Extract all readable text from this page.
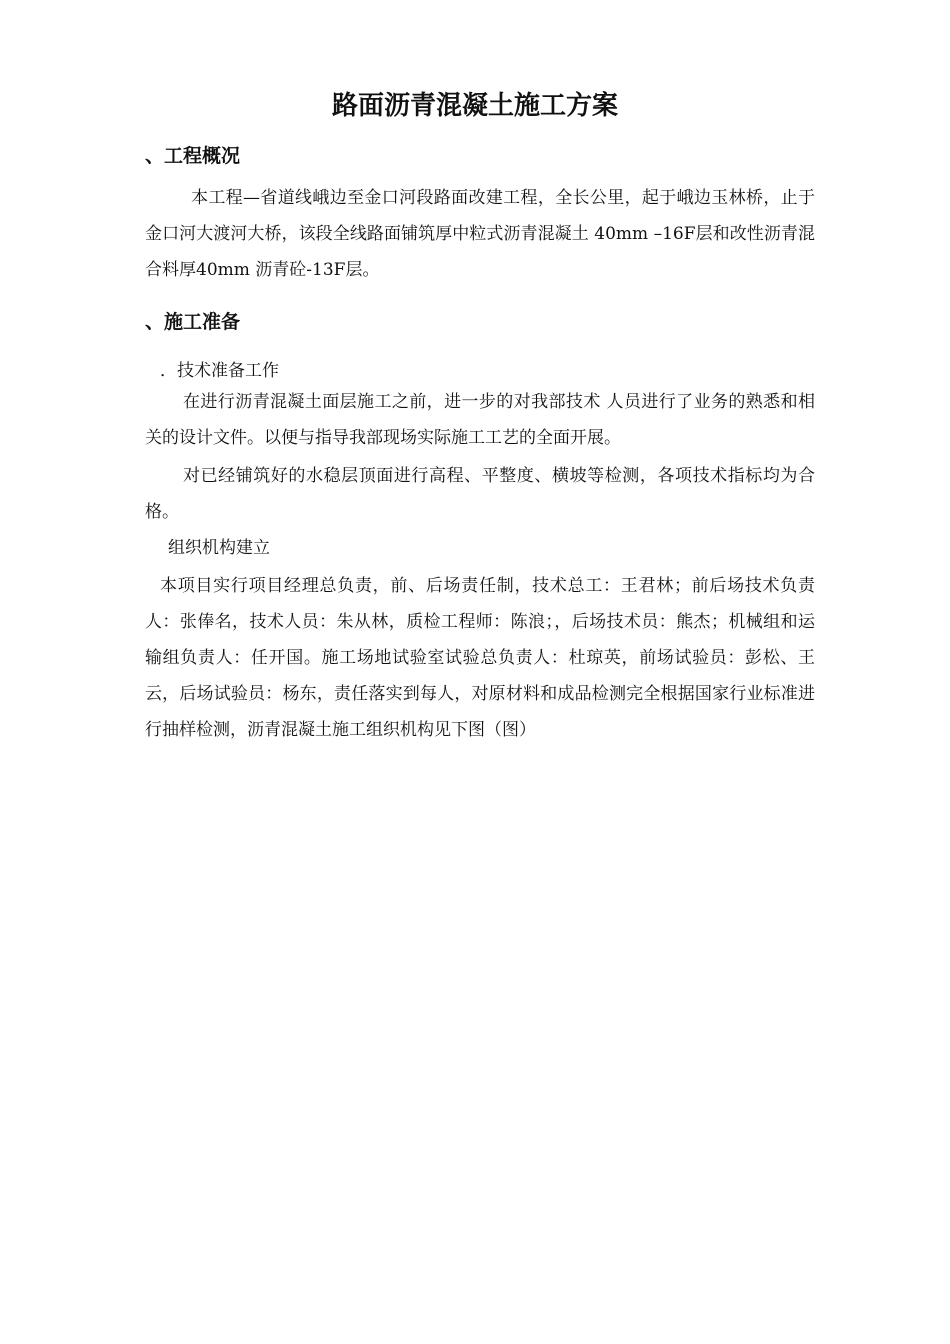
路面沥青混凝土施工方案
、工程概况
本工程—省道线峨边至金口河段路面改建工程，全长公里，起于峨边玉林桥，止于金口河大渡河大桥，该段全线路面铺筑厚中粒式沥青混凝土 40mm –16F层和改性沥青混合料厚40mm 沥青砼-13F层。
、施工准备
．技术准备工作
在进行沥青混凝土面层施工之前，进一步的对我部技术 人员进行了业务的熟悉和相关的设计文件。以便与指导我部现场实际施工工艺的全面开展。
对已经铺筑好的水稳层顶面进行高程、平整度、横坡等检测，各项技术指标均为合格。
组织机构建立
本项目实行项目经理总负责，前、后场责任制，技术总工：王君林；前后场技术负责人：张俸名，技术人员：朱从林，质检工程师：陈浪；，后场技术员：熊杰；机械组和运输组负责人：任开国。施工场地试验室试验总负责人：杜琼英，前场试验员：彭松、王云，后场试验员：杨东，责任落实到每人，对原材料和成品检测完全根据国家行业标准进行抽样检测，沥青混凝土施工组织机构见下图（图）
